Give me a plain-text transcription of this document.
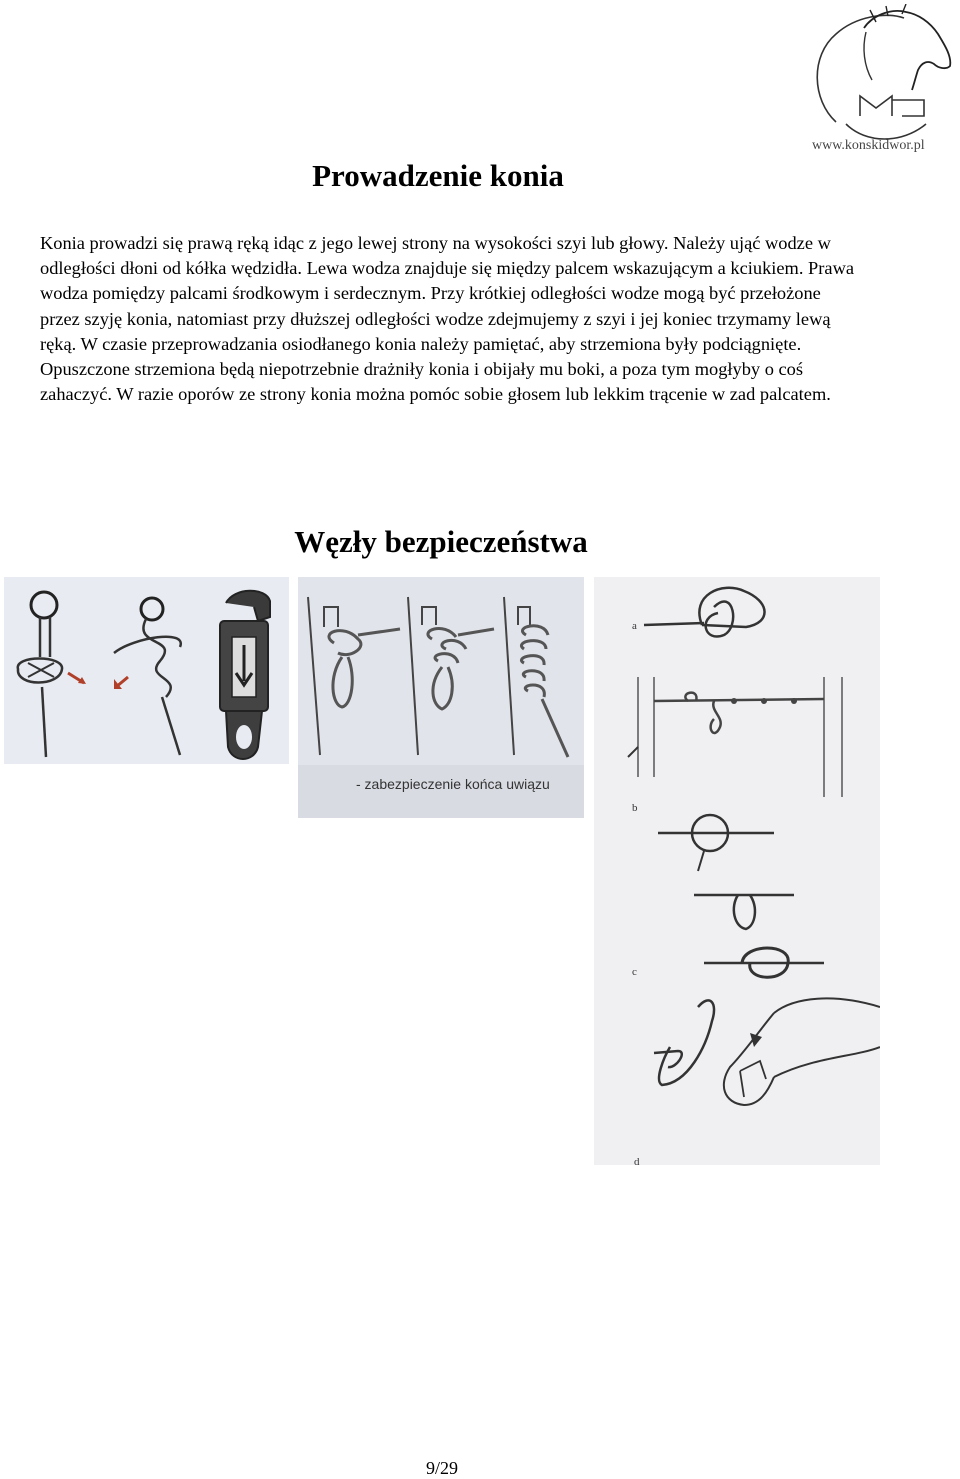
www.konskidwor.pl
Prowadzenie konia

Konia prowadzi się prawą ręką idąc z jego lewej strony na wysokości szyi lub głowy. Należy ująć wodze w odległości dłoni od kółka wędzidła. Lewa wodza znajduje się między palcem wskazującym a kciukiem. Prawa wodza pomiędzy palcami środkowym i serdecznym. Przy krótkiej odległości wodze mogą być przełożone przez szyję konia, natomiast przy dłuższej odległości wodze zdejmujemy z szyi i jej koniec trzymamy lewą ręką. W czasie przeprowadzania osiodłanego konia należy pamiętać, aby strzemiona były podciągnięte. Opuszczone strzemiona będą niepotrzebnie drażniły konia i obijały mu boki, a poza tym mogłyby o coś zahaczyć. W razie oporów ze strony konia można pomóc sobie głosem lub lekkim trącenie w zad palcatem.

Węzły bezpieczeństwa
- zabezpieczenie końca uwiązu
a
b
c
d
9/29
